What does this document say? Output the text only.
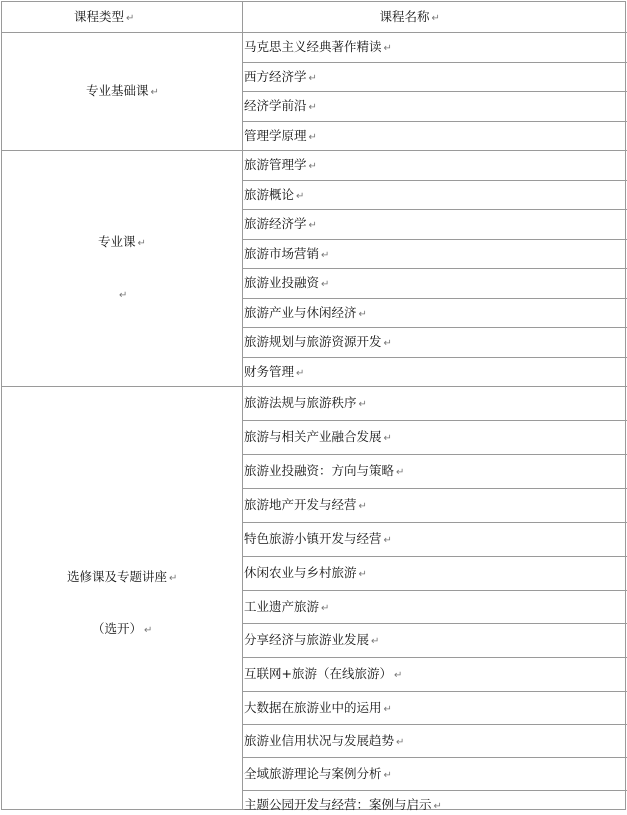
课程类型 ↵	课程名称 ↵
马克思主义经典著作精读 ↵
西方经济学 ↵
经济学前沿 ↵
管理学原理 ↵
专业基础课 ↵
旅游管理学 ↵
旅游概论 ↵
旅游经济学 ↵
旅游市场营销 ↵
旅游业投融资 ↵
旅游产业与休闲经济 ↵
旅游规划与旅游资源开发 ↵
财务管理 ↵
专业课 ↵
↵
旅游法规与旅游秩序 ↵
旅游与相关产业融合发展 ↵
旅游业投融资：方向与策略 ↵
旅游地产开发与经营 ↵
特色旅游小镇开发与经营 ↵
休闲农业与乡村旅游 ↵
工业遗产旅游 ↵
分享经济与旅游业发展 ↵
互联网+旅游（在线旅游） ↵
大数据在旅游业中的运用 ↵
旅游业信用状况与发展趋势 ↵
全域旅游理论与案例分析 ↵
主题公园开发与经营：案例与启示 ↵
选修课及专题讲座 ↵
（选开） ↵
